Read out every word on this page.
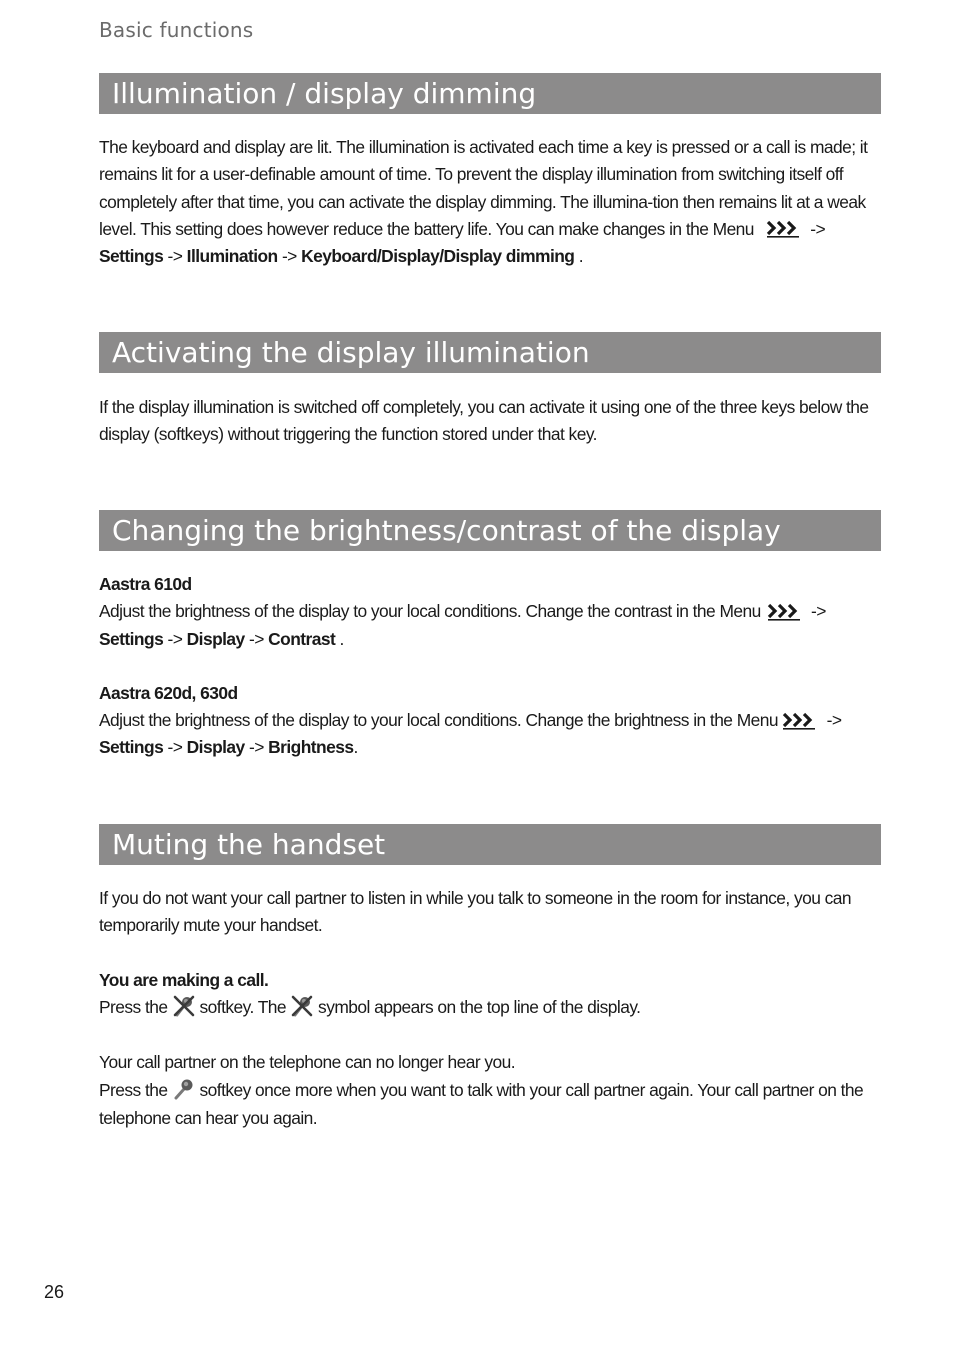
Basic functions
Illumination / display dimming

The keyboard and display are lit. The illumination is activated each time a key is pressed or a call is made; it remains lit for a user-definable amount of time. To prevent the display illumination from switching itself off completely after that time, you can activate the display dimming. The illumina-tion then remains lit at a weak level. This setting does however reduce the battery life. You can make changes in the Menu	-> Settings -> Illumination -> Keyboard/Display/Display dimming .

Activating the display illumination

If the display illumination is switched off completely, you can activate it using one of the three keys below the display (softkeys) without triggering the function stored under that key.

Changing the brightness/contrast of the display

Aastra 610d

Adjust the brightness of the display to your local conditions. Change the contrast in the Menu	-> Settings -> Display -> Contrast .

Aastra 620d, 630d

Adjust the brightness of the display to your local conditions. Change the brightness in the Menu	-> Settings -> Display -> Brightness.

Muting the handset

If you do not want your call partner to listen in while you talk to someone in the room for instance, you can temporarily mute your handset.

You are making a call.

Press the softkey. The symbol appears on the top line of the display.

Your call partner on the telephone can no longer hear you.

Press the softkey once more when you want to talk with your call partner again. Your call partner on the telephone can hear you again.

26
